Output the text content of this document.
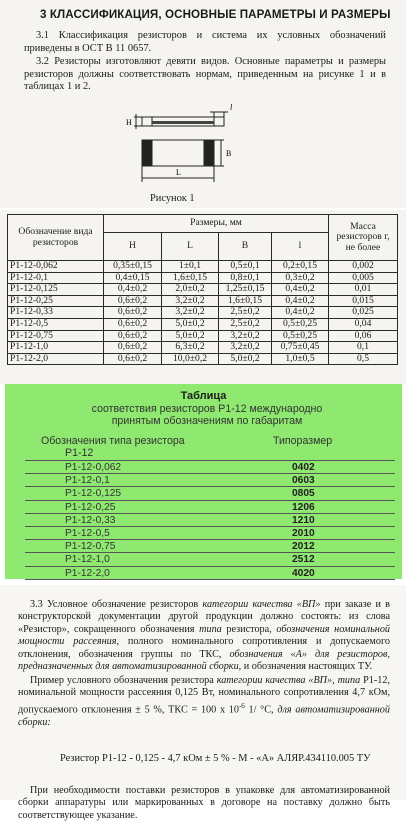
3 КЛАССИФИКАЦИЯ, ОСНОВНЫЕ ПАРАМЕТРЫ И РАЗМЕРЫ

3.1 Классификация резисторов и система их условных обозначений приведены в ОСТ В 11 0657.

3.2 Резисторы изготовляют девяти видов. Основные параметры и размеры резисторов должны соответствовать нормам, приведенным на рисунке 1 и в таблицах 1 и 2.

H
l
B
L
Рисунок 1
Обозначение вида резисторов	Размеры, мм				Масса резисторов г, не более
	H	L	B	l	
Р1-12-0,062	0,35±0,15	1±0,1	0,5±0,1	0,2±0,15	0,002
Р1-12-0,1	0,4±0,15	1,6±0,15	0,8±0,1	0,3±0,2	0,005
Р1-12-0,125	0,4±0,2	2,0±0,2	1,25±0,15	0,4±0,2	0,01
Р1-12-0,25	0,6±0,2	3,2±0,2	1,6±0,15	0,4±0,2	0,015
Р1-12-0,33	0,6±0,2	3,2±0,2	2,5±0,2	0,4±0,2	0,025
Р1-12-0,5	0,6±0,2	5,0±0,2	2,5±0,2	0,5±0,25	0,04
Р1-12-0,75	0,6±0,2	5,0±0,2	3,2±0,2	0,5±0,25	0,06
Р1-12-1,0	0,6±0,2	6,3±0,2	3,2±0,2	0,75±0,45	0,1
Р1-12-2,0	0,6±0,2	10,0±0,2	5,0±0,2	1,0±0,5	0,5
Таблица
соответствия резисторов Р1-12 международно принятым обозначениям по габаритам
Обозначения типа резистора
Р1-12
Типоразмер
Р1-12-0,062	0402
Р1-12-0,1	0603
Р1-12-0,125	0805
Р1-12-0,25	1206
Р1-12-0,33	1210
Р1-12-0,5	2010
Р1-12-0,75	2012
Р1-12-1,0	2512
Р1-12-2,0	4020

3.3 Условное обозначение резисторов категории качества «ВП» при заказе и в конструкторской документации другой продукции должно состоять: из слова «Резистор», сокращенного обозначения типа резистора, обозначения номинальной мощности рассеяния, полного номинального сопротивления и допускаемого отклонения, обозначения группы по ТКС, обозначения «А» для резисторов, предназначенных для автоматизированной сборки, и обозначения настоящих ТУ.

Пример условного обозначения резистора категории качества «ВП», типа Р1-12, номинальной мощности рассеяния 0,125 Вт, номинального сопротивления 4,7 кОм, допускаемого отклонения ± 5 %, ТКС = 100 х $10^{-6}$ 1/ °С, для автоматизированной сборки:

Резистор Р1-12 - 0,125 - 4,7 кОм ± 5 % - М - «А» АЛЯР.434110.005 ТУ

При необходимости поставки резисторов в упаковке для автоматизированной сборки аппаратуры или маркированных в договоре на поставку должно быть соответствующее указание.
